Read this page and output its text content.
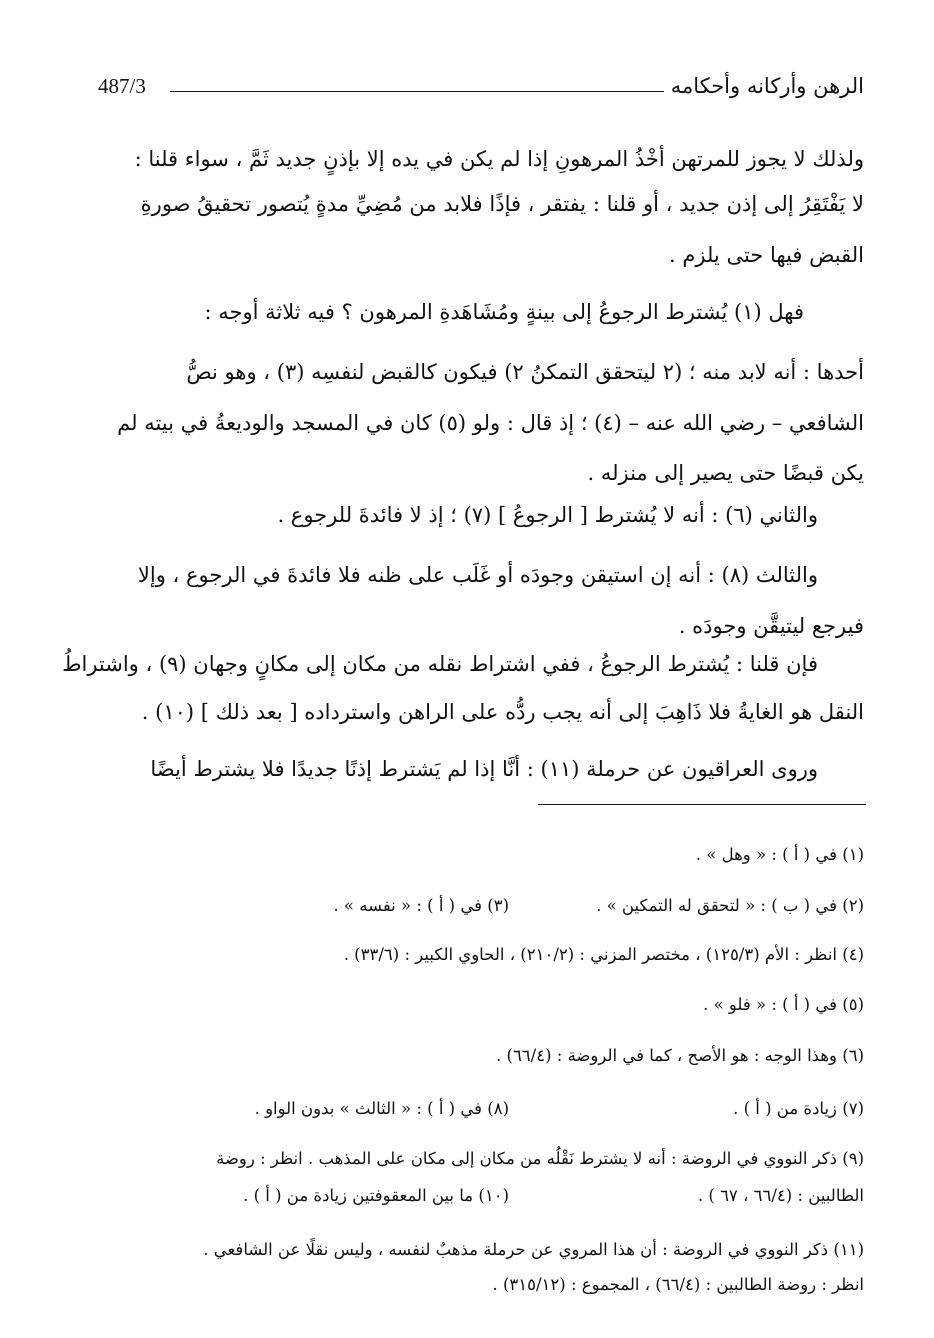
الرهن وأركانه وأحكامه
487/3
ولذلك لا يجوز للمرتهن أخْذُ المرهونِ إذا لم يكن في يده إلا بإذنٍ جديد ثَمَّ ، سواء قلنا :
لا يَفْتَقِرُ إلى إذن جديد ، أو قلنا : يفتقر ، فإذًا فلابد من مُضِيِّ مدةٍ يُتصور تحقيقُ صورةِ
القبض فيها حتى يلزم .
فهل (١) يُشترط الرجوعُ إلى بينةٍ ومُشَاهَدةِ المرهون ؟ فيه ثلاثة أوجه :
أحدها : أنه لابد منه ؛ (٢ ليتحقق التمكنُ ٢) فيكون كالقبض لنفسِه (٣) ، وهو نصُّ
الشافعي – رضي الله عنه – (٤) ؛ إذ قال : ولو (٥) كان في المسجد والوديعةُ في بيته لم
يكن قبضًا حتى يصير إلى منزله .
والثاني (٦) : أنه لا يُشترط [ الرجوعُ ] (٧) ؛ إذ لا فائدةَ للرجوع .
والثالث (٨) : أنه إن استيقن وجودَه أو غَلَب على ظنه فلا فائدةَ في الرجوع ، وإلا
فيرجع ليتيقَّن وجودَه .
فإن قلنا : يُشترط الرجوعُ ، ففي اشتراط نقله من مكان إلى مكانٍ وجهان (٩) ، واشتراطُ
النقل هو الغايةُ فلا ذَاهِبَ إلى أنه يجب ردُّه على الراهن واسترداده [ بعد ذلك ] (١٠) .
وروى العراقيون عن حرملة (١١) : أنَّا إذا لم يَشترط إذنًا جديدًا فلا يشترط أيضًا
(١) في ( أ ) : « وهل » .
(٢) في ( ب ) : « لتحقق له التمكين » .
(٣) في ( أ ) : « نفسه » .
(٤) انظر : الأم (١٢٥/٣) ، مختصر المزني : (٢١٠/٢) ، الحاوي الكبير : (٣٣/٦) .
(٥) في ( أ ) : « فلو » .
(٦) وهذا الوجه : هو الأصح ، كما في الروضة : (٦٦/٤) .
(٧) زيادة من ( أ ) .
(٨) في ( أ ) : « الثالث » بدون الواو .
(٩) ذكر النووي في الروضة : أنه لا يشترط نَقْلُه من مكان إلى مكان على المذهب . انظر : روضة
الطالبين : (٦٦/٤ ، ٦٧ ) .
(١٠) ما بين المعقوفتين زيادة من ( أ ) .
(١١) ذكر النووي في الروضة : أن هذا المروي عن حرملة مذهبٌ لنفسه ، وليس نقلًا عن الشافعي .
انظر : روضة الطالبين : (٦٦/٤) ، المجموع : (٣١٥/١٢) .
